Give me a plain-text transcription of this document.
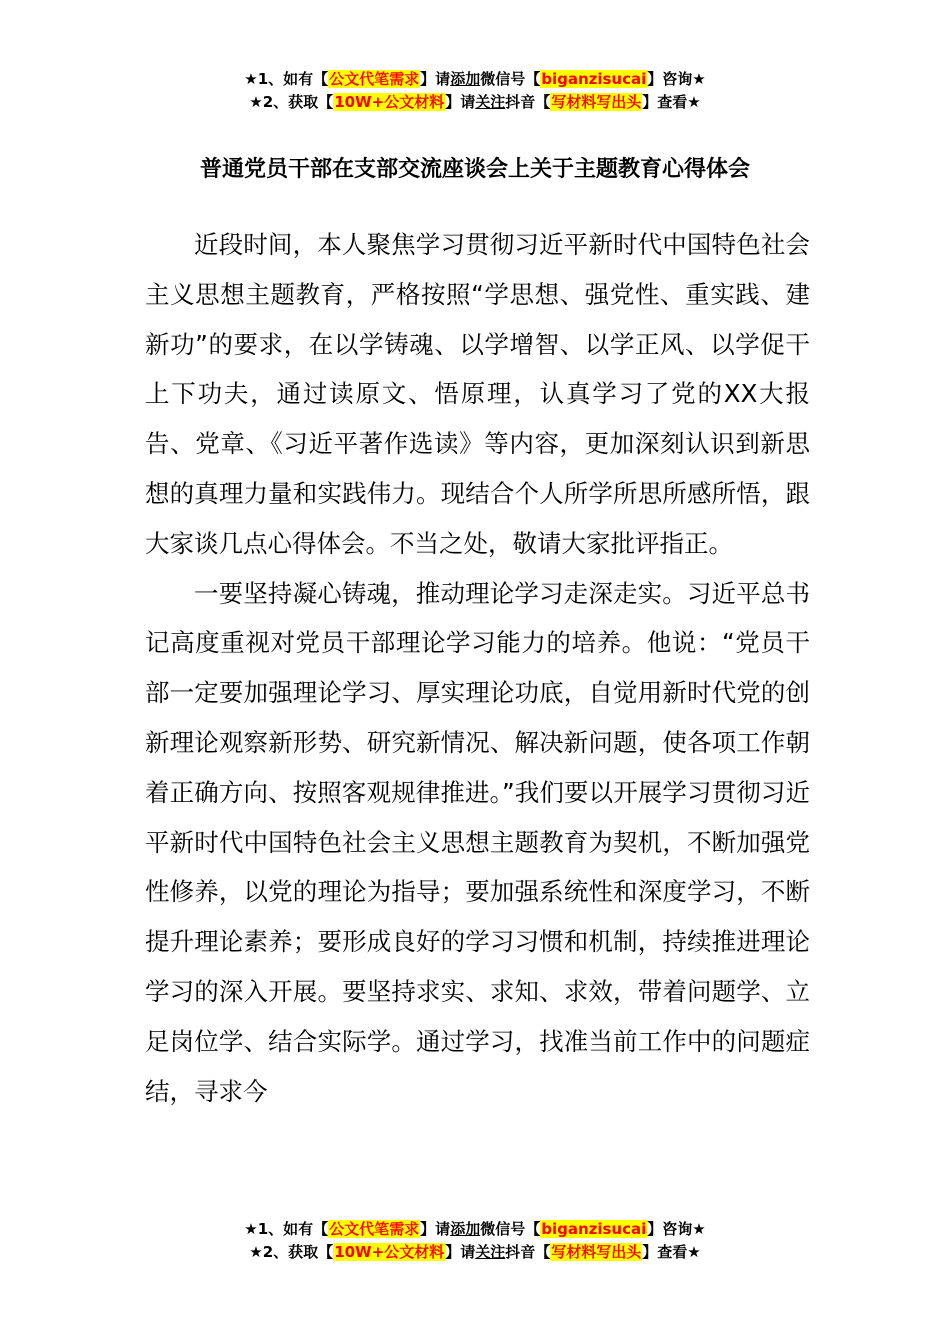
★1、如有【公文代笔需求】请添加微信号【biganzisucai】咨询★
★2、获取【10W+公文材料】请关注抖音【写材料写出头】查看★
普通党员干部在支部交流座谈会上关于主题教育心得体会

近段时间，本人聚焦学习贯彻习近平新时代中国特色社会主义思想主题教育，严格按照“学思想、强党性、重实践、建新功”的要求，在以学铸魂、以学增智、以学正风、以学促干上下功夫，通过读原文、悟原理，认真学习了党的XX大报告、党章、《习近平著作选读》等内容，更加深刻认识到新思想的真理力量和实践伟力。现结合个人所学所思所感所悟，跟大家谈几点心得体会。不当之处，敬请大家批评指正。

一要坚持凝心铸魂，推动理论学习走深走实。习近平总书记高度重视对党员干部理论学习能力的培养。他说：“党员干部一定要加强理论学习、厚实理论功底，自觉用新时代党的创新理论观察新形势、研究新情况、解决新问题，使各项工作朝着正确方向、按照客观规律推进。”我们要以开展学习贯彻习近平新时代中国特色社会主义思想主题教育为契机，不断加强党性修养，以党的理论为指导；要加强系统性和深度学习，不断提升理论素养；要形成良好的学习习惯和机制，持续推进理论学习的深入开展。要坚持求实、求知、求效，带着问题学、立足岗位学、结合实际学。通过学习，找准当前工作中的问题症结，寻求今

★1、如有【公文代笔需求】请添加微信号【biganzisucai】咨询★
★2、获取【10W+公文材料】请关注抖音【写材料写出头】查看★
